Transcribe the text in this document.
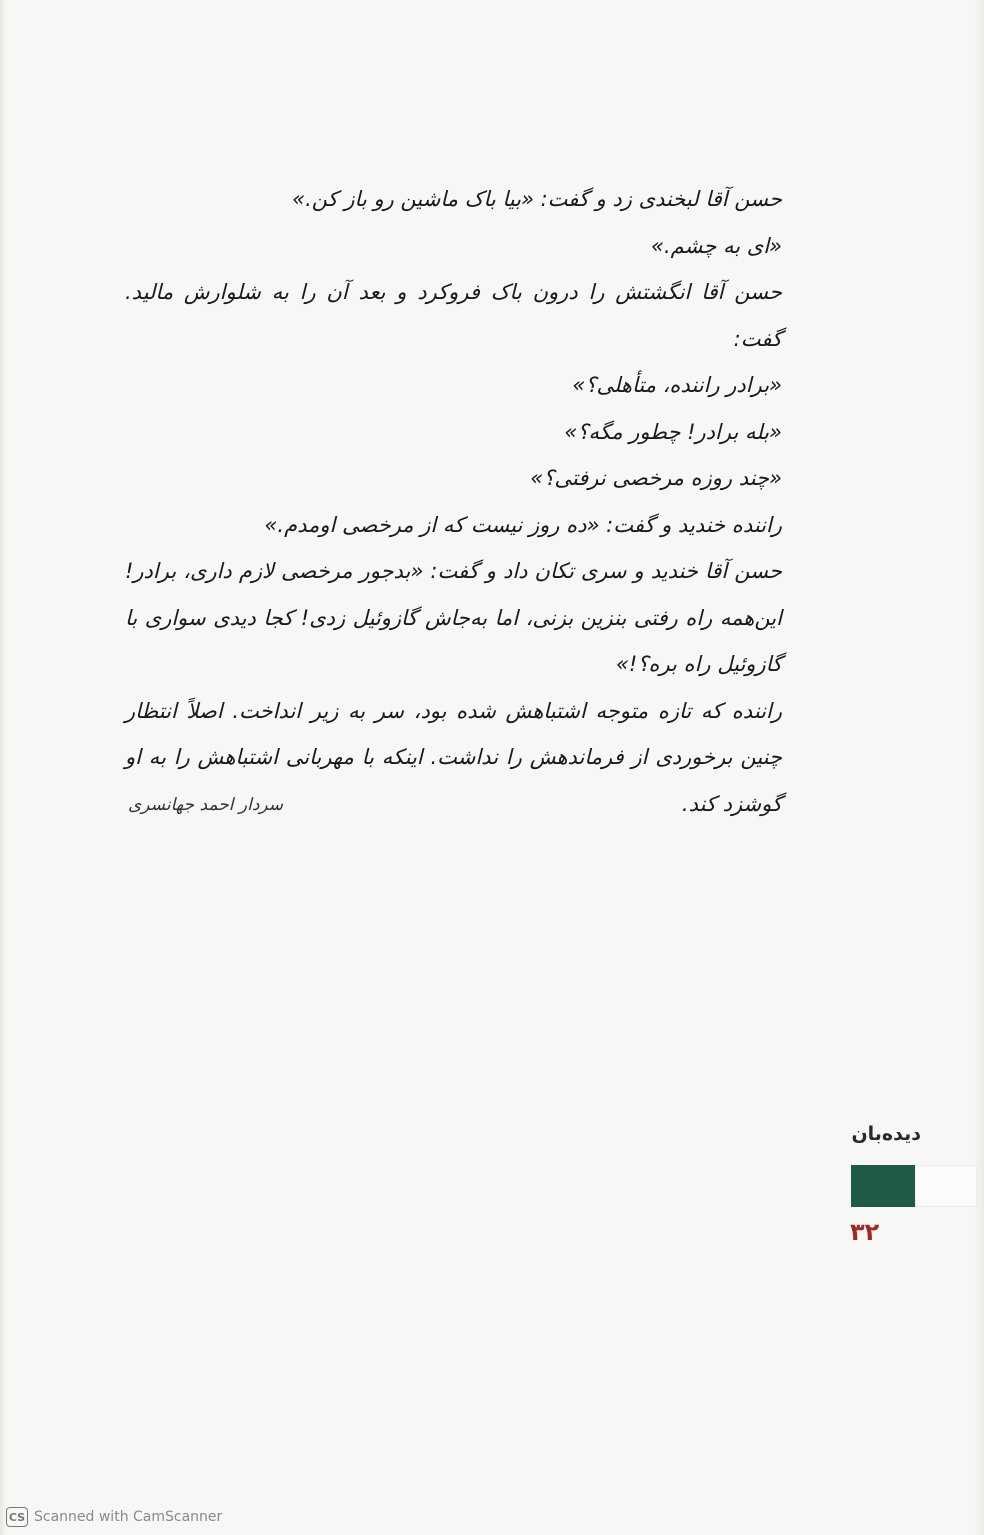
حسن آقا لبخندی زد و گفت: «بیا باک ماشین رو باز کن.»

«ای به چشم.»

حسن آقا انگشتش را درون باک فروکرد و بعد آن را به شلوارش مالید. گفت:

«برادر راننده، متأهلی؟»

«بله برادر! چطور مگه؟»

«چند روزه مرخصی نرفتی؟»

راننده خندید و گفت: «ده روز نیست که از مرخصی اومدم.»

حسن آقا خندید و سری تکان داد و گفت: «بدجور مرخصی لازم داری، برادر! این‌همه راه رفتی بنزین بزنی، اما به‌جاش گازوئیل زدی! کجا دیدی سواری با گازوئیل راه بره؟!»

راننده که تازه متوجه اشتباهش شده بود، سر به زیر انداخت. اصلاً انتظار چنین برخوردی از فرماندهش را نداشت. اینکه با مهربانی اشتباهش را به او گوشزد کند.

سردار احمد جهانسری
دیده‌بان
۳۲
CS Scanned with CamScanner
